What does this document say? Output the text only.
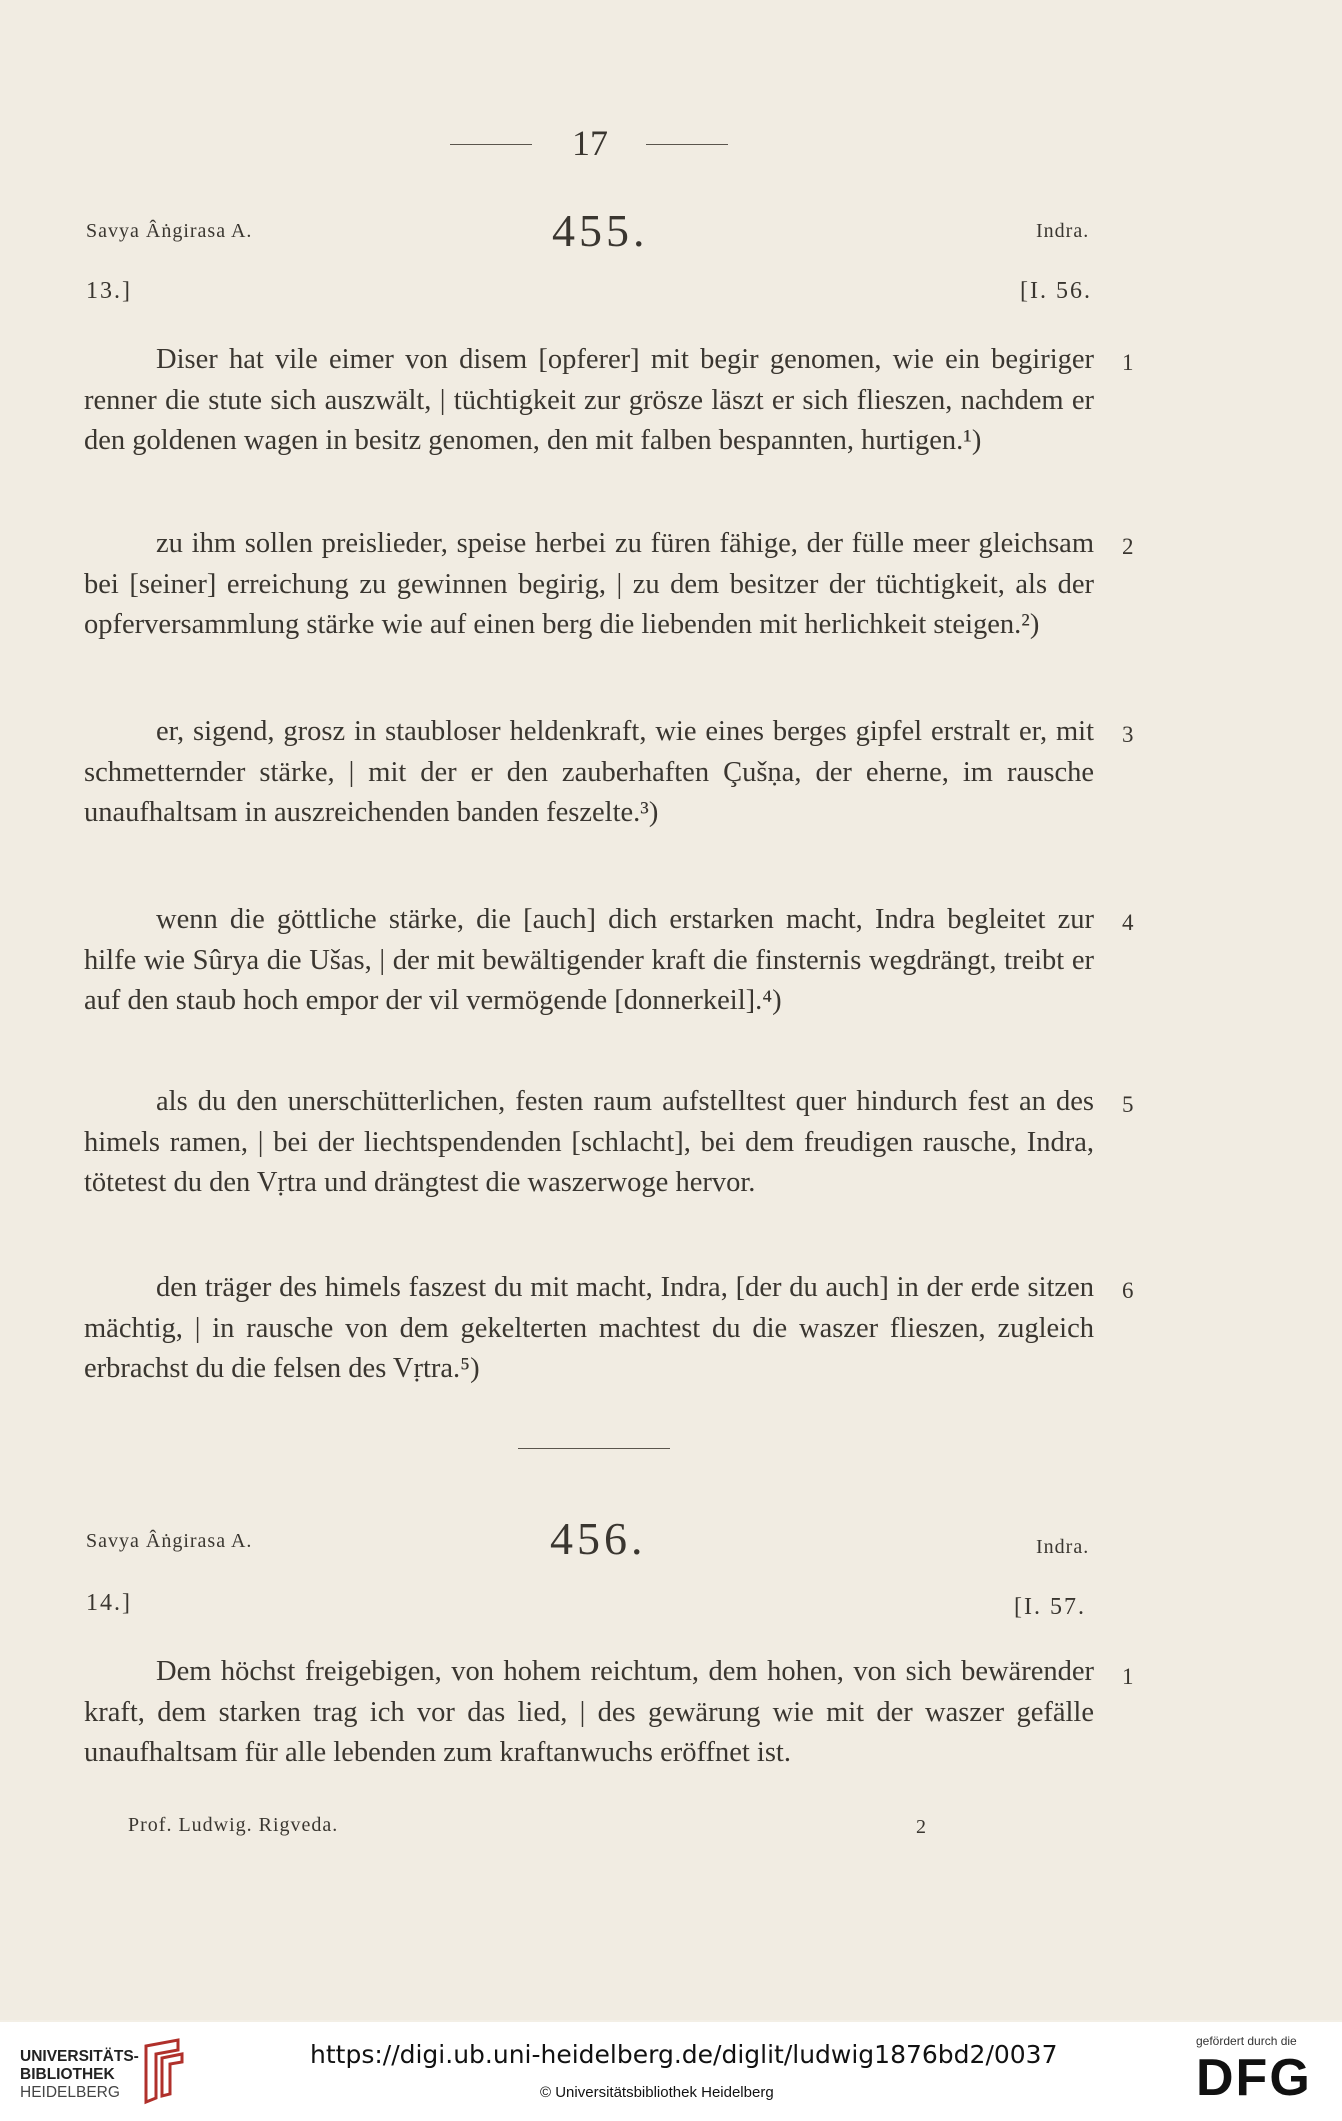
17
Savya Âṅgirasa A.	455.	Indra.
13.]	[I. 56.

Diser hat vile eimer von disem [opferer] mit begir genomen, wie ein begiriger renner die stute sich auszwält, | tüchtigkeit zur grösze läszt er sich flieszen, nachdem er den goldenen wagen in besitz genomen, den mit falben bespannten, hurtigen.¹)

1

zu ihm sollen preislieder, speise herbei zu füren fähige, der fülle meer gleichsam bei [seiner] erreichung zu gewinnen begirig, | zu dem besitzer der tüchtigkeit, als der opferversammlung stärke wie auf einen berg die liebenden mit herlichkeit steigen.²)

2

er, sigend, grosz in staubloser heldenkraft, wie eines berges gipfel erstralt er, mit schmetternder stärke, | mit der er den zauberhaften Çušṇa, der eherne, im rausche unaufhaltsam in auszreichenden banden feszelte.³)

3

wenn die göttliche stärke, die [auch] dich erstarken macht, Indra begleitet zur hilfe wie Sûrya die Ušas, | der mit bewältigender kraft die finsternis wegdrängt, treibt er auf den staub hoch empor der vil vermögende [donnerkeil].⁴)

4

als du den unerschütterlichen, festen raum aufstelltest quer hindurch fest an des himels ramen, | bei der liechtspendenden [schlacht], bei dem freudigen rausche, Indra, tötetest du den Vṛtra und drängtest die waszerwoge hervor.

5

den träger des himels faszest du mit macht, Indra, [der du auch] in der erde sitzen mächtig, | in rausche von dem gekelterten machtest du die waszer flieszen, zugleich erbrachst du die felsen des Vṛtra.⁵)

6
Savya Âṅgirasa A.	456.	Indra.
14.]	[I. 57.

Dem höchst freigebigen, von hohem reichtum, dem hohen, von sich bewärender kraft, dem starken trag ich vor das lied, | des gewärung wie mit der waszer gefälle unaufhaltsam für alle lebenden zum kraftanwuchs eröffnet ist.

1
Prof. Ludwig. Rigveda.	2
UNIVERSITÄTS-
BIBLIOTHEK
HEIDELBERG
https://digi.ub.uni-heidelberg.de/diglit/ludwig1876bd2/0037
© Universitätsbibliothek Heidelberg
gefördert durch die
DFG
